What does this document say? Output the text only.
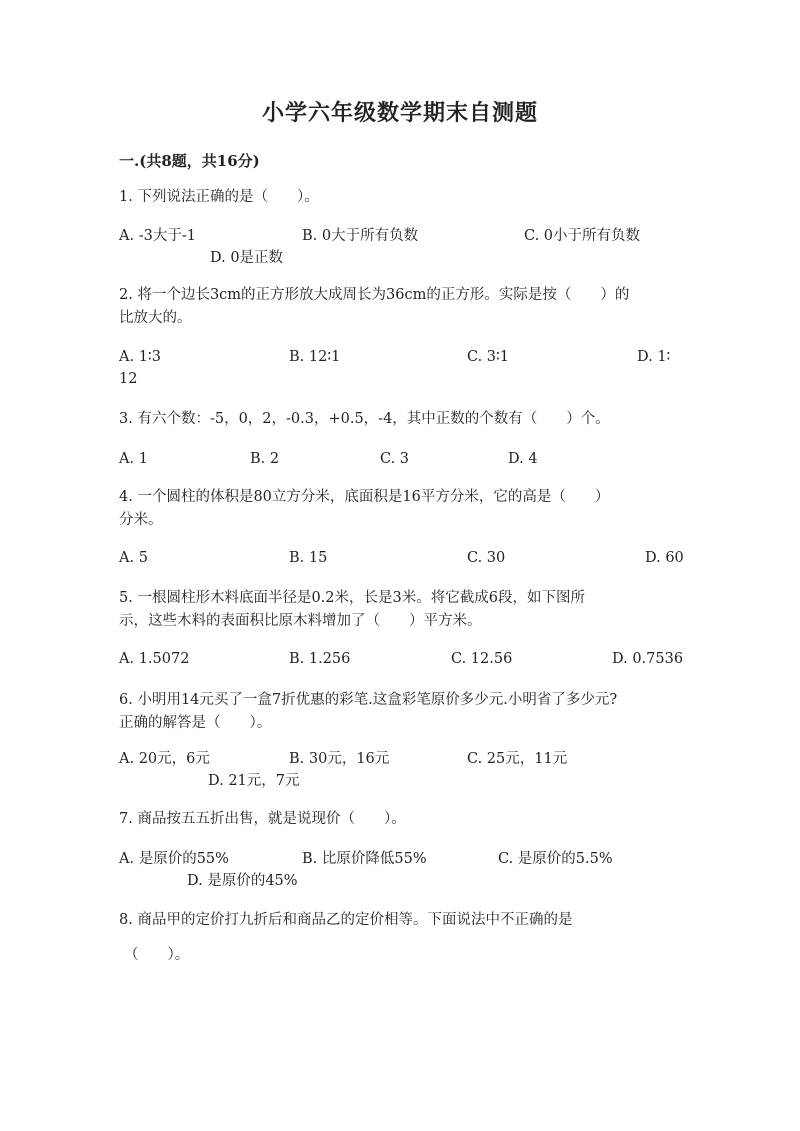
小学六年级数学期末自测题
一.(共8题，共16分)
1. 下列说法正确的是（　　）。
A. -3大于-1	B. 0大于所有负数	C. 0小于所有负数
D. 0是正数
2. 将一个边长3cm的正方形放大成周长为36cm的正方形。实际是按（　　）的
比放大的。
A. 1∶3	B. 12∶1	C. 3∶1	D. 1∶
12
3. 有六个数：-5，0，2，-0.3，+0.5，-4，其中正数的个数有（　　）个。
A. 1	B. 2	C. 3	D. 4
4. 一个圆柱的体积是80立方分米，底面积是16平方分米，它的高是（　　）
分米。
A. 5	B. 15	C. 30	D. 60
5. 一根圆柱形木料底面半径是0.2米，长是3米。将它截成6段，如下图所
示，这些木料的表面积比原木料增加了（　　）平方米。
A. 1.5072	B. 1.256	C. 12.56	D. 0.7536
6. 小明用14元买了一盒7折优惠的彩笔.这盒彩笔原价多少元.小明省了多少元?
正确的解答是（　　）。
A. 20元，6元	B. 30元，16元	C. 25元，11元
D. 21元，7元
7. 商品按五五折出售，就是说现价（　　）。
A. 是原价的55%	B. 比原价降低55%	C. 是原价的5.5%
D. 是原价的45%
8. 商品甲的定价打九折后和商品乙的定价相等。下面说法中不正确的是
（　　）。
